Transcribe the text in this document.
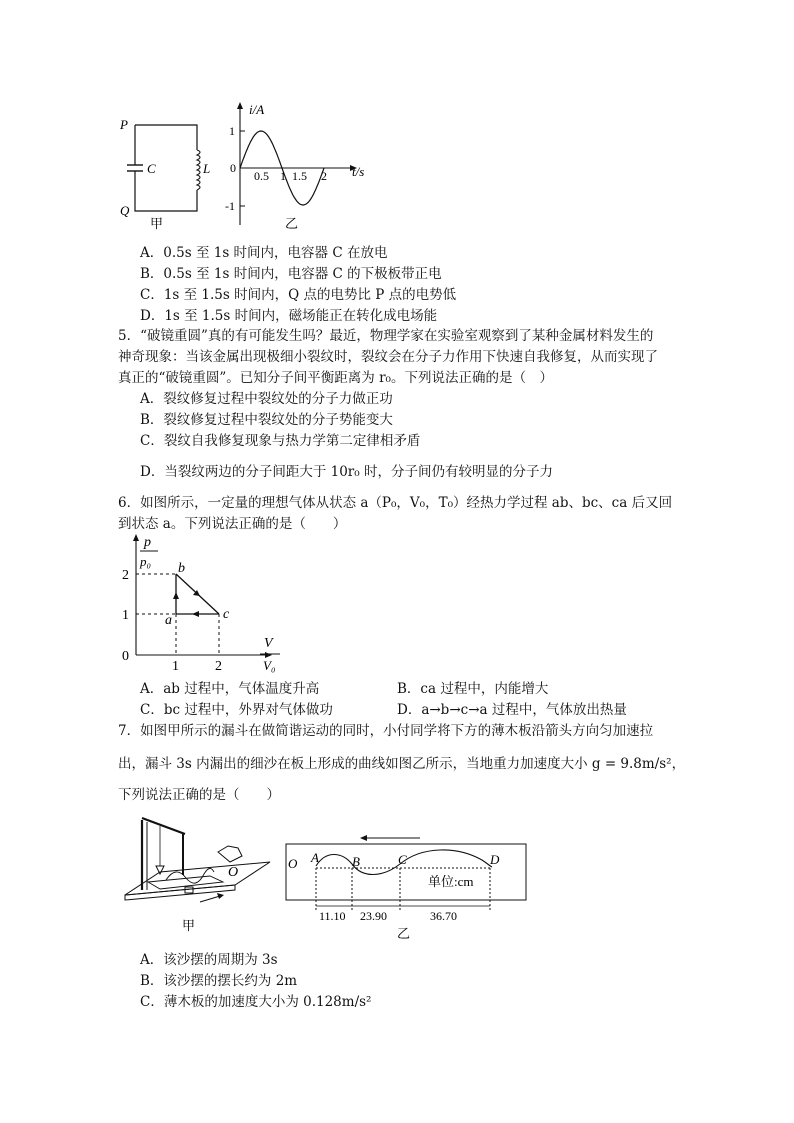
P
Q
C	L
甲
i/A
t/s
1
0
-1
0.5 1 1.5 2
乙
A．0.5s 至 1s 时间内，电容器 C 在放电
B．0.5s 至 1s 时间内，电容器 C 的下极板带正电
C．1s 至 1.5s 时间内，Q 点的电势比 P 点的电势低
D．1s 至 1.5s 时间内，磁场能正在转化成电场能
5．“破镜重圆”真的有可能发生吗？最近，物理学家在实验室观察到了某种金属材料发生的
神奇现象：当该金属出现极细小裂纹时，裂纹会在分子力作用下快速自我修复，从而实现了
真正的“破镜重圆”。已知分子间平衡距离为 r₀。下列说法正确的是（　）
A．裂纹修复过程中裂纹处的分子力做正功
B．裂纹修复过程中裂纹处的分子势能变大
C．裂纹自我修复现象与热力学第二定律相矛盾
D．当裂纹两边的分子间距大于 10r₀ 时，分子间仍有较明显的分子力
6．如图所示，一定量的理想气体从状态 a（P₀，V₀，T₀）经热力学过程 ab、bc、ca 后又回
到状态 a。下列说法正确的是（　　）
p
p₀
2
1
0
1	2
V
V₀
a
b
c
A．ab 过程中，气体温度升高	B．ca 过程中，内能增大
C．bc 过程中，外界对气体做功	D．a→b→c→a 过程中，气体放出热量
7．如图甲所示的漏斗在做简谐运动的同时，小付同学将下方的薄木板沿箭头方向匀加速拉
出，漏斗 3s 内漏出的细沙在板上形成的曲线如图乙所示，当地重力加速度大小 g = 9.8m/s²，
下列说法正确的是（　　）
O
甲
O A	B	C	D
单位:cm
11.10 23.90	36.70
乙
A．该沙摆的周期为 3s
B．该沙摆的摆长约为 2m
C．薄木板的加速度大小为 0.128m/s²
